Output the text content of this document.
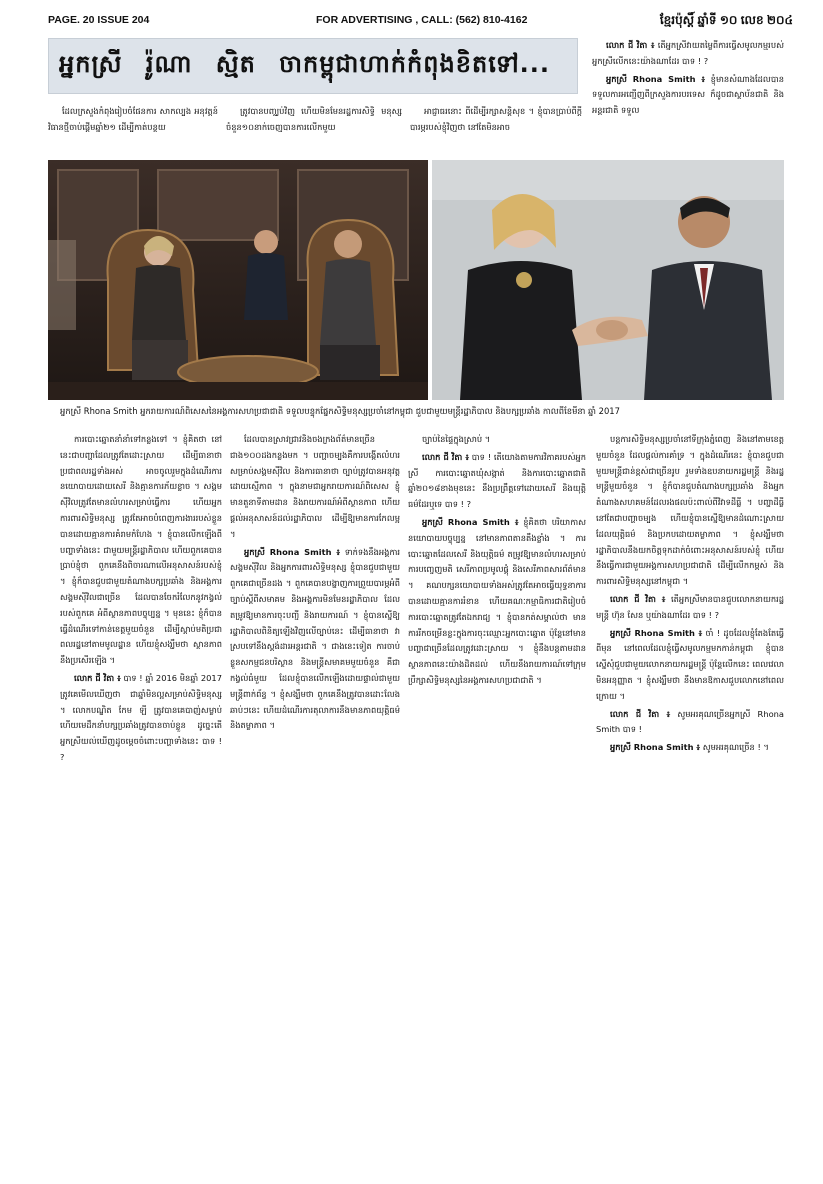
PAGE. 20 ISSUE 204	FOR ADVERTISING , CALL: (562) 810-4162	ខ្មែរប៉ុស្តិ៍ ឆ្នាំទី ១០ លេខ ២០៤
អ្នកស្រី រ៉ូណា ស្មិត ចាកម្ពុជាហាក់កំពុងខិតទៅ...

លោក ជី វិតា ៖ តើអ្នកស្រីវាយតម្លៃពីការធ្វើសមូលកម្មរបស់អ្នកស្រីលើកនេះយ៉ាងណាដែរ បាទ ! ?

អ្នកស្រី Rhona Smith ៖ ខ្ញុំមានសំណាងដែលបានទទួលការអញ្ជើញពីក្រសួងការបរទេស ក៏ដូចជាស្ថាប័នជាតិ និងអន្តរជាតិ ទទួល

ដែលក្រសួងកំពុងរៀបចំផែនការ សាកល្បង អនុវត្តន៍វិធានថ្មីចាប់ផ្តើមឆ្នាំ២១ ដើម្បីកាត់បន្ថយ

ត្រូវបានបញ្ឈប់វិញ ហើយមិនមែនរដ្ឋការសិទ្ធិ មនុស្ស ចំនួន១០នាក់ចេញបានការលើកមួយ

អាជ្ញាធរនោះ ពីដើម្បីរក្សាសន្តិសុខ ។ ខ្ញុំបានប្រាប់ពីក្តីបារម្ភរបស់ខ្ញុំវិញថា នៅតែមិនអាច

អ្នកស្រី Rhona Smith អ្នករាយការណ៍ពិសេសនៃអង្គការសហប្រជាជាតិ ទទួលបន្ទុកផ្នែកសិទ្ធិមនុស្សប្រចាំនៅកម្ពុជា ជួបជាមួយមន្រ្តីរដ្ឋាភិបាល និងបក្សប្រឆាំង កាលពីខែមីនា ឆ្នាំ 2017

ការបោះឆ្នោតនាំនាំទៅកន្លងទៅ ។ ខ្ញុំគិតថា នៅនេះជាបញ្ហាដែលត្រូវតែដោះស្រាយ ដើម្បីធានាថា ប្រជាពលរដ្ឋទាំងអស់ អាចចូលរួមក្នុងដំណើរការនយោបាយដោយសេរី និងគ្មានការភ័យខ្លាច ។ សង្គមស៊ីវិលត្រូវតែមានលំហរសម្រាប់ធ្វើការ ហើយអ្នកការពារសិទ្ធិមនុស្ស ត្រូវតែអាចបំពេញការងាររបស់ខ្លួនបានដោយគ្មានការគំរាមកំហែង ។ ខ្ញុំបានលើកឡើងពីបញ្ហាទាំងនេះ ជាមួយមន្ត្រីរដ្ឋាភិបាល ហើយពួកគេបានប្រាប់ខ្ញុំថា ពួកគេនឹងពិចារណាលើអនុសាសន៍របស់ខ្ញុំ ។ ខ្ញុំក៏បានជួបជាមួយតំណាងបក្សប្រឆាំង និងអង្គការសង្គមស៊ីវិលជាច្រើន ដែលបានចែករំលែកនូវកង្វល់របស់ពួកគេ អំពីស្ថានភាពបច្ចុប្បន្ន ។ មុននេះ ខ្ញុំក៏បានធ្វើដំណើរទៅកាន់ខេត្តមួយចំនួន ដើម្បីស្តាប់មតិប្រជាពលរដ្ឋនៅតាមមូលដ្ឋាន ហើយខ្ញុំសង្ឃឹមថា ស្ថានភាពនឹងប្រសើរឡើង ។

លោក ជី វិតា ៖ បាទ ! ឆ្នាំ 2016 មិនឆ្នាំ 2017 ត្រូវគេមើលឃើញថា ជាឆ្នាំមិនល្អសម្រាប់សិទ្ធិមនុស្ស ។ លោកបណ្ឌិត កែម ឡី ត្រូវបានគេបាញ់សម្លាប់ ហើយមេដឹកនាំបក្សប្រឆាំងត្រូវបានចាប់ខ្លួន ដូច្នេះតើអ្នកស្រីយល់ឃើញដូចម្តេចចំពោះបញ្ហាទាំងនេះ បាទ ! ?

ដែលបានស្រាវជ្រាវនិងចងក្រងព័ត៌មានច្រើនជាង១០០ដងកន្លងមក ។ បញ្ហាចម្បងគឺការបង្កើតលំហរសម្រាប់សង្គមស៊ីវិល និងការធានាថា ច្បាប់ត្រូវបានអនុវត្តដោយស្មើភាព ។ ក្នុងនាមជាអ្នករាយការណ៍ពិសេស ខ្ញុំមានតួនាទីតាមដាន និងរាយការណ៍អំពីស្ថានភាព ហើយផ្តល់អនុសាសន៍ដល់រដ្ឋាភិបាល ដើម្បីឱ្យមានការកែលម្អ ។

អ្នកស្រី Rhona Smith ៖ ទាក់ទងនឹងអង្គការសង្គមស៊ីវិល និងអ្នកការពារសិទ្ធិមនុស្ស ខ្ញុំបានជួបជាមួយពួកគេជាច្រើនដង ។ ពួកគេបានបង្ហាញការព្រួយបារម្ភអំពីច្បាប់ស្តីពីសមាគម និងអង្គការមិនមែនរដ្ឋាភិបាល ដែលតម្រូវឱ្យមានការចុះបញ្ជី និងរាយការណ៍ ។ ខ្ញុំបានស្នើឱ្យរដ្ឋាភិបាលពិនិត្យឡើងវិញលើច្បាប់នេះ ដើម្បីធានាថា វាស្របទៅនឹងស្តង់ដារអន្តរជាតិ ។ ជាងនេះទៀត ការចាប់ខ្លួនសកម្មជនបរិស្ថាន និងមន្ត្រីសមាគមមួយចំនួន គឺជាកង្វល់ធំមួយ ដែលខ្ញុំបានលើកឡើងដោយផ្ទាល់ជាមួយមន្ត្រីពាក់ព័ន្ធ ។ ខ្ញុំសង្ឃឹមថា ពួកគេនឹងត្រូវបានដោះលែងឆាប់ៗនេះ ហើយដំណើរការតុលាការនឹងមានភាពយុត្តិធម៌ និងតម្លាភាព ។

ច្បាប់នៃផ្ទៃក្នុងស្រាប់ ។

លោក ជី វិតា ៖ បាទ ! តើយោងតាមការវិភាគរបស់អ្នកស្រី ការបោះឆ្នោតឃុំសង្កាត់ និងការបោះឆ្នោតជាតិឆ្នាំ២០១៨ខាងមុខនេះ នឹងប្រព្រឹត្តទៅដោយសេរី និងយុត្តិធម៌ដែរឬទេ បាទ ! ?

អ្នកស្រី Rhona Smith ៖ ខ្ញុំគិតថា បរិយាកាសនយោបាយបច្ចុប្បន្ន នៅមានភាពតានតឹងខ្លាំង ។ ការបោះឆ្នោតដែលសេរី និងយុត្តិធម៌ តម្រូវឱ្យមានលំហរសម្រាប់ការបញ្ចេញមតិ សេរីភាពប្រមូលផ្តុំ និងសេរីភាពសារព័ត៌មាន ។ គណបក្សនយោបាយទាំងអស់ត្រូវតែអាចធ្វើយុទ្ធនាការបានដោយគ្មានការរំខាន ហើយគណៈកម្មាធិការជាតិរៀបចំការបោះឆ្នោតត្រូវតែឯករាជ្យ ។ ខ្ញុំបានកត់សម្គាល់ថា មានការរីកចម្រើនខ្លះក្នុងការចុះឈ្មោះអ្នកបោះឆ្នោត ប៉ុន្តែនៅមានបញ្ហាជាច្រើនដែលត្រូវដោះស្រាយ ។ ខ្ញុំនឹងបន្តតាមដានស្ថានភាពនេះយ៉ាងដិតដល់ ហើយនឹងរាយការណ៍ទៅក្រុមប្រឹក្សាសិទ្ធិមនុស្សនៃអង្គការសហប្រជាជាតិ ។

បន្តការសិទ្ធិមនុស្សប្រចាំនៅទីក្រុងភ្នំពេញ និងនៅតាមខេត្តមួយចំនួន ដែលផ្តល់ការគាំទ្រ ។ ក្នុងដំណើរនេះ ខ្ញុំបានជួបជាមួយមន្ត្រីជាន់ខ្ពស់ជាច្រើនរូប រួមទាំងឧបនាយករដ្ឋមន្ត្រី និងរដ្ឋមន្ត្រីមួយចំនួន ។ ខ្ញុំក៏បានជួបតំណាងបក្សប្រឆាំង និងអ្នកតំណាងសហគមន៍ដែលរងផលប៉ះពាល់ពីវិវាទដីធ្លី ។ បញ្ហាដីធ្លីនៅតែជាបញ្ហាចម្បង ហើយខ្ញុំបានស្នើឱ្យមានដំណោះស្រាយដែលយុត្តិធម៌ និងប្រកបដោយតម្លាភាព ។ ខ្ញុំសង្ឃឹមថា រដ្ឋាភិបាលនឹងយកចិត្តទុកដាក់ចំពោះអនុសាសន៍របស់ខ្ញុំ ហើយនឹងធ្វើការជាមួយអង្គការសហប្រជាជាតិ ដើម្បីលើកកម្ពស់ និងការពារសិទ្ធិមនុស្សនៅកម្ពុជា ។

លោក ជី វិតា ៖ តើអ្នកស្រីមានបានជួបលោកនាយករដ្ឋមន្ត្រី ហ៊ុន សែន ឬយ៉ាងណាដែរ បាទ ! ?

អ្នកស្រី Rhona Smith ៖ ចាំ ! ដូចដែលខ្ញុំតែងតែធ្វើពីមុន នៅពេលដែលខ្ញុំធ្វើសមូលកម្មមកកាន់កម្ពុជា ខ្ញុំបានស្នើសុំជួបជាមួយលោកនាយករដ្ឋមន្ត្រី ប៉ុន្តែលើកនេះ ពេលវេលាមិនអនុញ្ញាត ។ ខ្ញុំសង្ឃឹមថា នឹងមានឱកាសជួបលោកនៅពេលក្រោយ ។

លោក ជី វិតា ៖ សូមអរគុណច្រើនអ្នកស្រី Rhona Smith បាទ !

អ្នកស្រី Rhona Smith ៖ សូមអរគុណច្រើន ! ។
